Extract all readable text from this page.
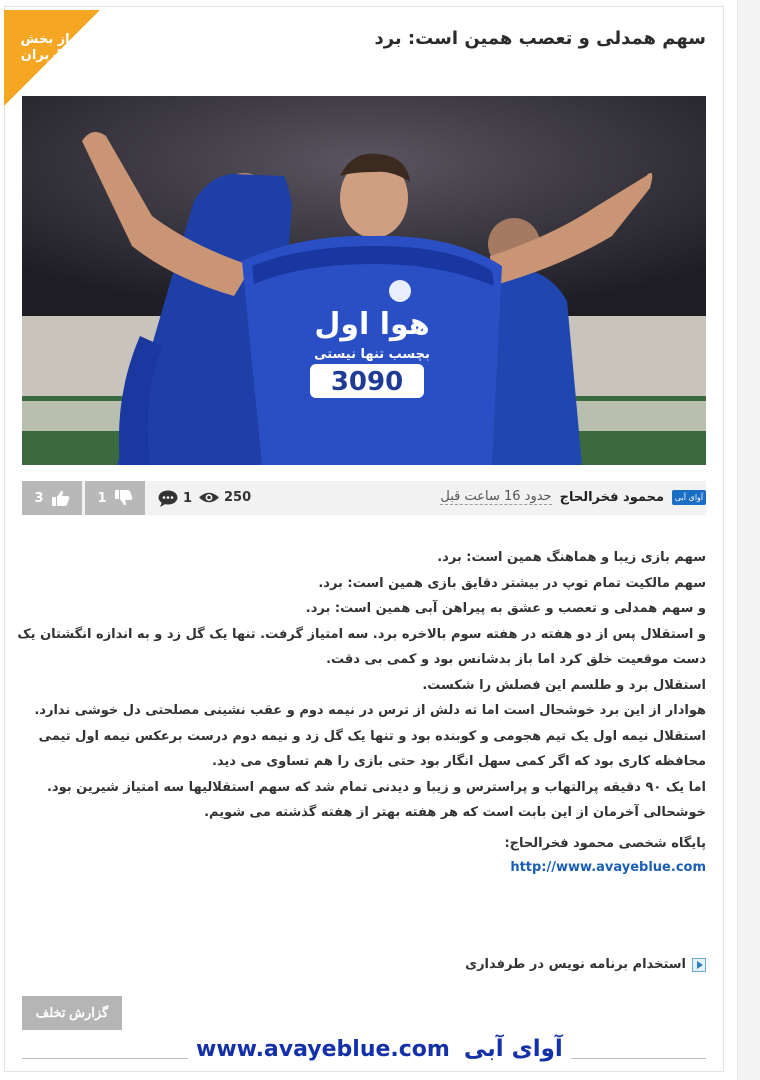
از بخش
کاربران
سهم همدلی و تعصب همین است: برد
هوا اول
بچسب تنها نیستی
3090
3	1	1 250	آوای آبی
محمود فخرالحاج
حدود 16 ساعت قبل

سهم بازی زیبا و هماهنگ همین است: برد.

سهم مالکیت تمام توپ در بیشتر دقایق بازی همین است: برد.

و سهم همدلی و تعصب و عشق به پیراهن آبی همین است: برد.

و استقلال پس از دو هفته در هفته سوم بالاخره برد. سه امتیاز گرفت. تنها یک گل زد و به اندازه انگشتان یک دست موقعیت خلق کرد اما باز بدشانس بود و کمی بی دقت.

استقلال برد و طلسم این فصلش را شکست.

هوادار از این برد خوشحال است اما ته دلش از ترس در نیمه دوم و عقب نشینی مصلحتی دل خوشی ندارد.

استقلال نیمه اول یک تیم هجومی و کوبنده بود و تنها یک گل زد و نیمه دوم درست برعکس نیمه اول تیمی محافظه کاری بود که اگر کمی سهل انگار بود حتی بازی را هم تساوی می دید.

اما یک ۹۰ دقیقه پرالتهاب و پراسترس و زیبا و دیدنی تمام شد که سهم استقلالیها سه امتیاز شیرین بود.

خوشحالی آخرمان از این بابت است که هر هفته بهتر از هفته گذشته می شویم.

پایگاه شخصی محمود فخرالحاج:
http://www.avayeblue.com
استخدام برنامه نویس در طرفداری
گزارش تخلف
www.avayeblue.com آوای آبی
